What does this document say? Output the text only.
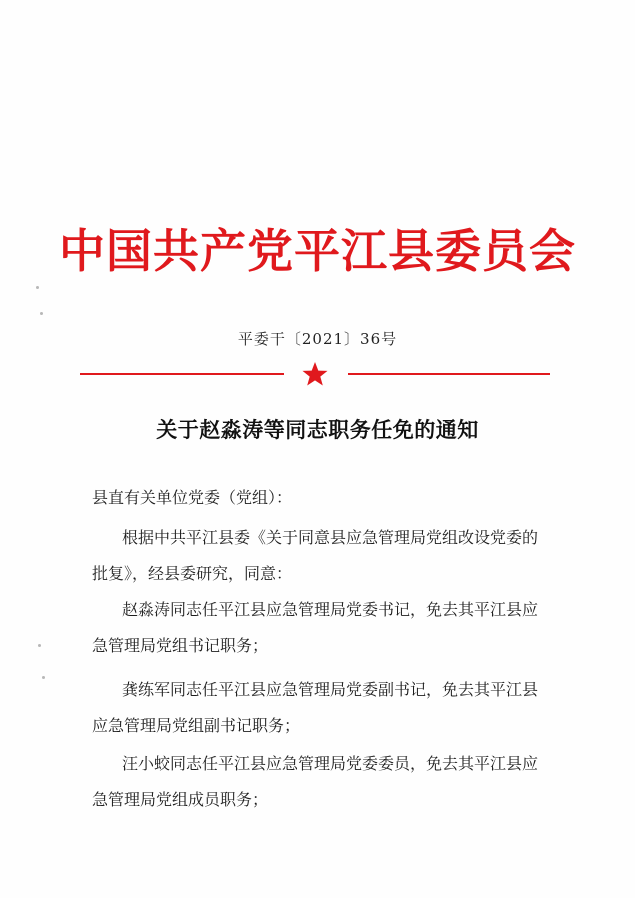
中国共产党平江县委员会
平委干〔2021〕36号
关于赵淼涛等同志职务任免的通知
县直有关单位党委（党组）：
根据中共平江县委《关于同意县应急管理局党组改设党委的
批复》，经县委研究，同意：
赵淼涛同志任平江县应急管理局党委书记，免去其平江县应
急管理局党组书记职务；
龚练军同志任平江县应急管理局党委副书记，免去其平江县
应急管理局党组副书记职务；
汪小蛟同志任平江县应急管理局党委委员，免去其平江县应
急管理局党组成员职务；
